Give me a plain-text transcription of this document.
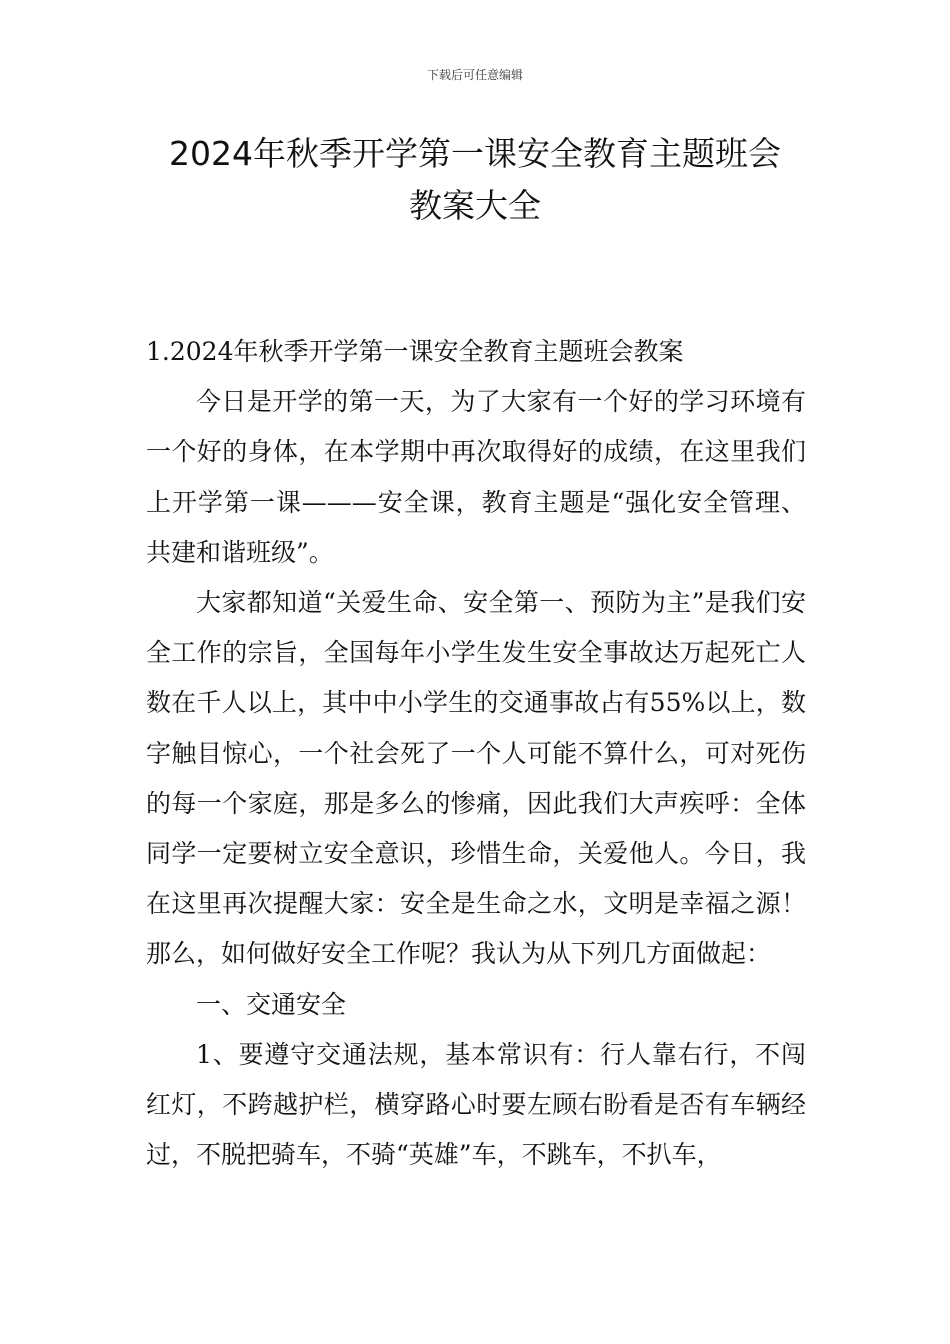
下载后可任意编辑
2024年秋季开学第一课安全教育主题班会
教案大全

1.2024年秋季开学第一课安全教育主题班会教案

今日是开学的第一天，为了大家有一个好的学习环境有一个好的身体，在本学期中再次取得好的成绩，在这里我们上开学第一课———安全课，教育主题是“强化安全管理、共建和谐班级”。

大家都知道“关爱生命、安全第一、预防为主”是我们安全工作的宗旨，全国每年小学生发生安全事故达万起死亡人数在千人以上，其中中小学生的交通事故占有55%以上，数字触目惊心，一个社会死了一个人可能不算什么，可对死伤的每一个家庭，那是多么的惨痛，因此我们大声疾呼：全体同学一定要树立安全意识，珍惜生命，关爱他人。今日，我在这里再次提醒大家：安全是生命之水，文明是幸福之源！那么，如何做好安全工作呢？我认为从下列几方面做起：

一、交通安全

1、要遵守交通法规，基本常识有：行人靠右行，不闯红灯，不跨越护栏，横穿路心时要左顾右盼看是否有车辆经过，不脱把骑车，不骑“英雄”车，不跳车，不扒车，
